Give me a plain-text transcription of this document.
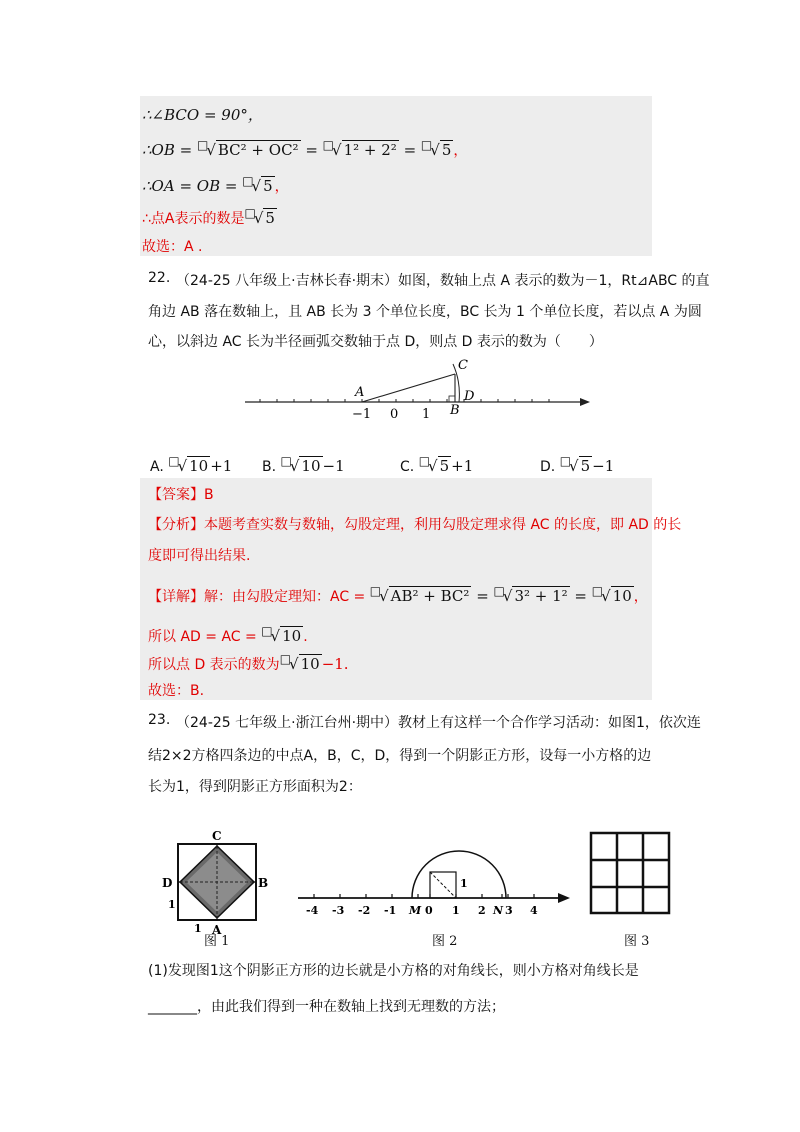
∴∠BCO = 90°，
∴OB = □√ BC² + OC² = □√ 1² + 2² = □√ 5 ，
∴OA = OB = □√ 5 ，
∴点A表示的数是□√ 5
故选：A .
22. （24-25 八年级上·吉林长春·期末）如图，数轴上点 A 表示的数为－1，Rt⊿ABC 的直
角边 AB 落在数轴上，且 AB 长为 3 个单位长度，BC 长为 1 个单位长度，若以点 A 为圆
心，以斜边 AC 长为半径画弧交数轴于点 D，则点 D 表示的数为（　　）
A
C
D
B
−1 0 1
A. □√ 10 +1 B. □√ 10 −1	C. □√ 5 +1	D. □√ 5 −1
【答案】B
【分析】本题考查实数与数轴，勾股定理，利用勾股定理求得 AC 的长度，即 AD 的长
度即可得出结果.
【详解】解：由勾股定理知：AC = □√ AB² + BC² = □√ 3² + 1² = □√ 10 ，
所以 AD = AC = □√ 10 .
所以点 D 表示的数为□√ 10 −1.
故选：B.
23. （24-25 七年级上·浙江台州·期中）教材上有这样一个合作学习活动：如图1，依次连
结2×2方格四条边的中点A，B，C，D，得到一个阴影正方形，设每一小方格的边
长为1，得到阴影正方形面积为2：
C
D	B
A
1
1
图 1
1
-4 -3 -2 -1 M 0 1 2 N 3 4
图 2	图 3
(1)发现图1这个阴影正方形的边长就是小方格的对角线长，则小方格对角线长是
_______，由此我们得到一种在数轴上找到无理数的方法；
